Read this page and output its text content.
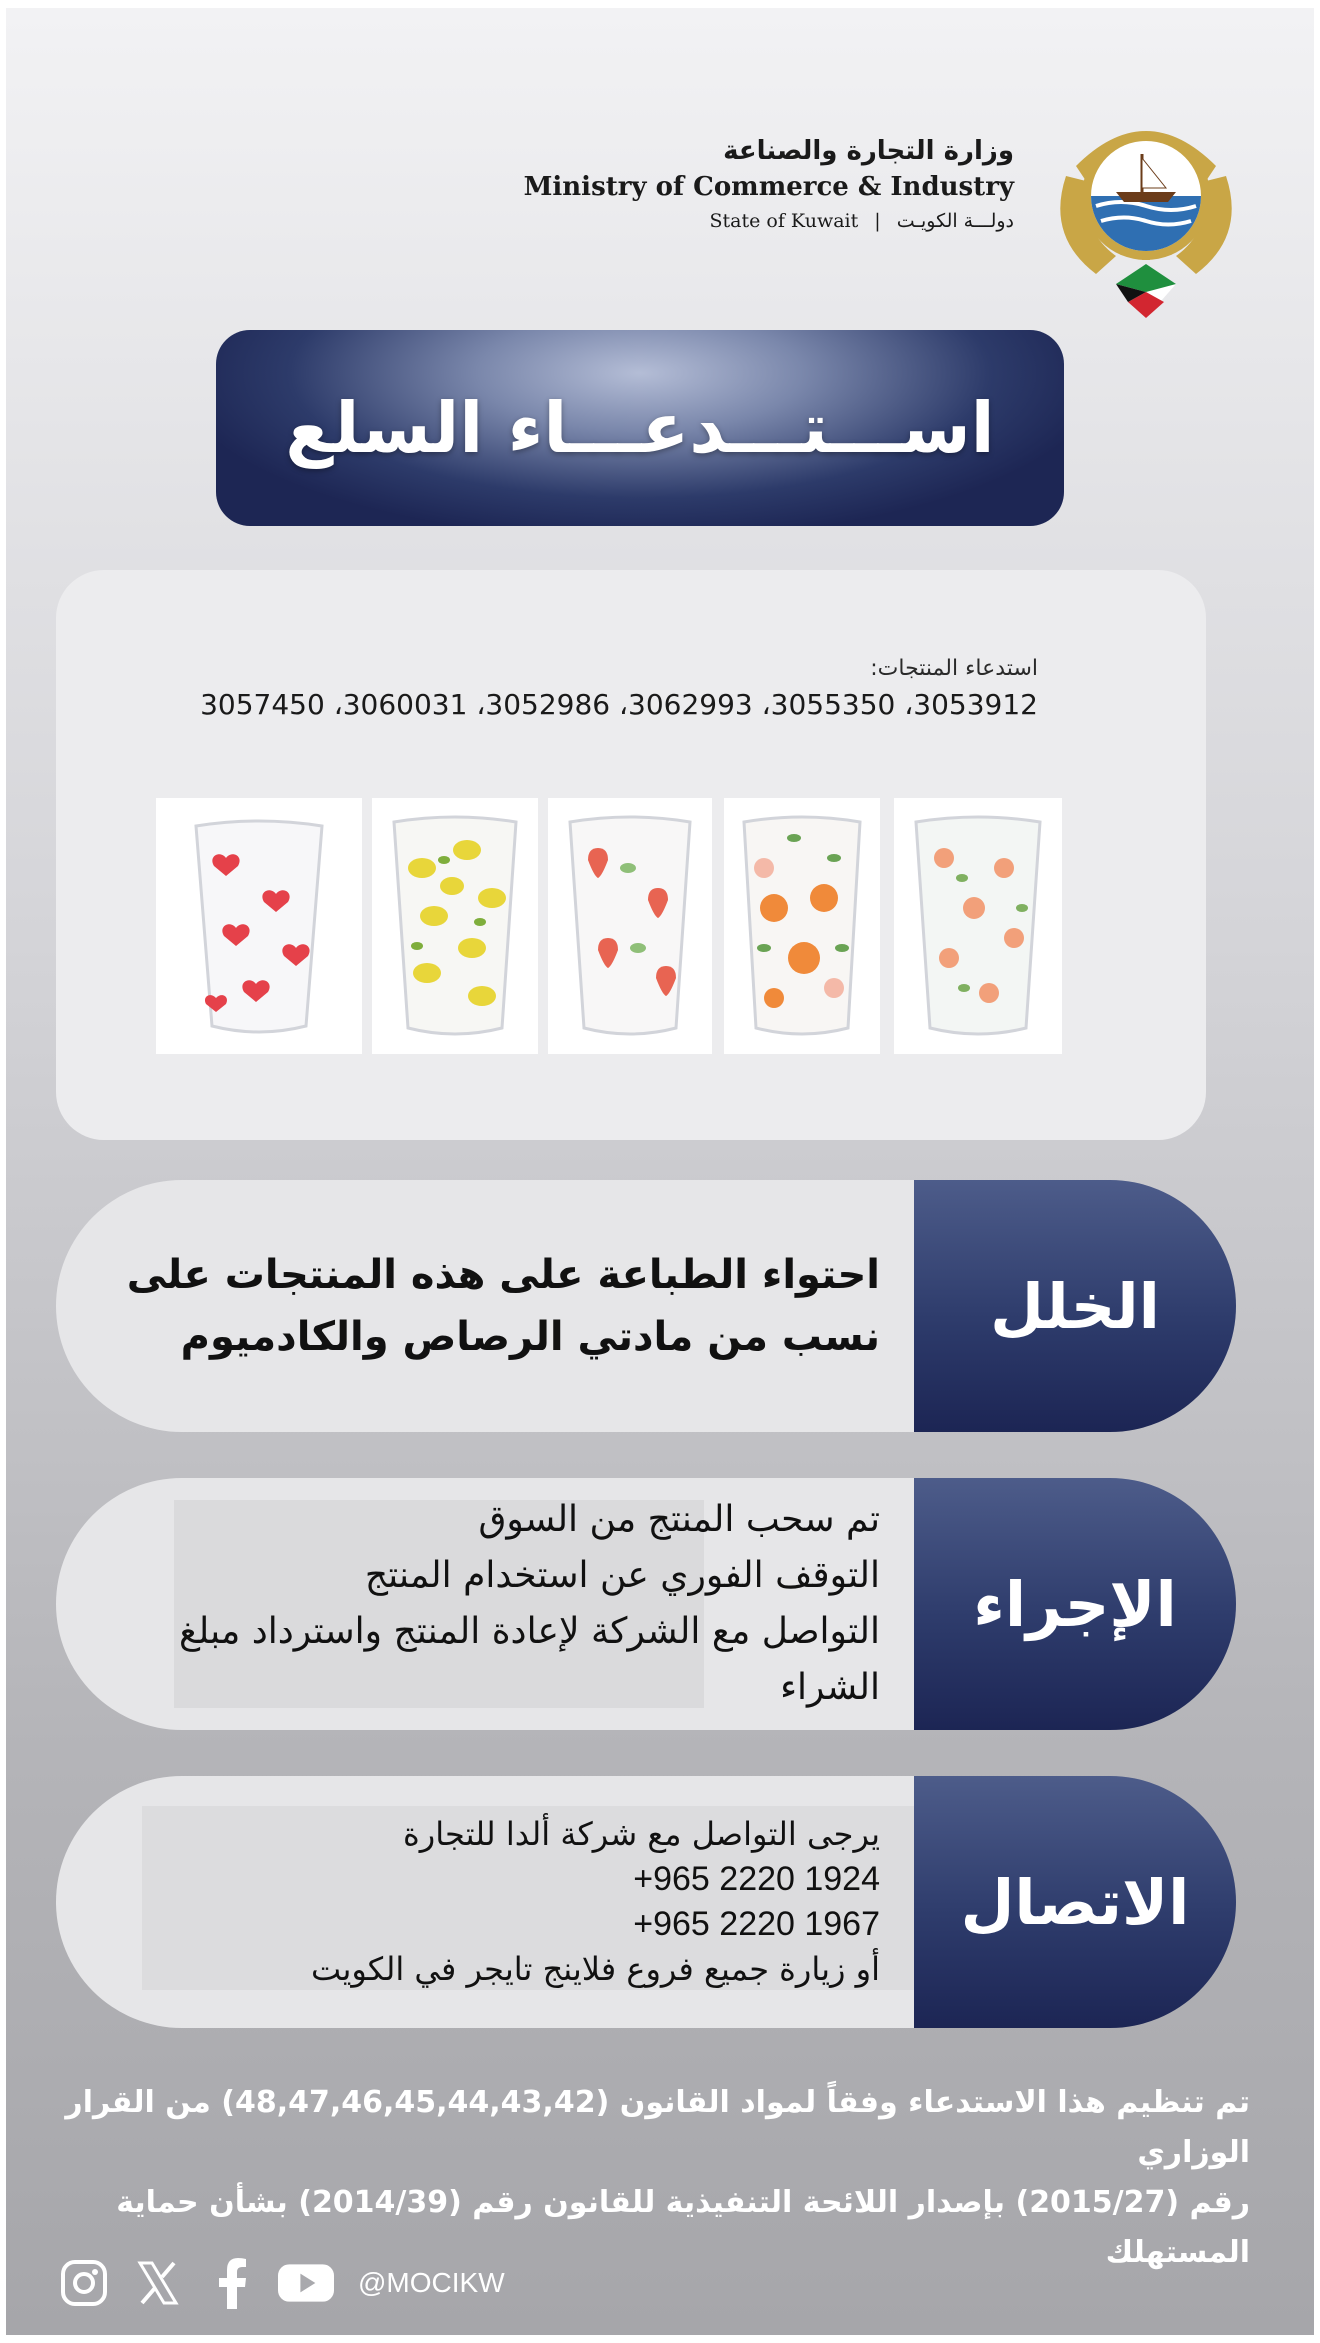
وزارة التجارة والصناعة
Ministry of Commerce & Industry
State of Kuwait | دولـــة الكويـت
اســـتـــدعـــاء السلع
استدعاء المنتجات:
3053912، 3055350، 3062993، 3052986، 3060031، 3057450
الخلل
احتواء الطباعة على هذه المنتجات على
نسب من مادتي الرصاص والكادميوم
الإجراء
تم سحب المنتج من السوق
التوقف الفوري عن استخدام المنتج
التواصل مع الشركة لإعادة المنتج واسترداد مبلغ
الشراء
الاتصال
يرجى التواصل مع شركة ألدا للتجارة
+965 2220 1924
+965 2220 1967
أو زيارة جميع فروع فلاينج تايجر في الكويت
تم تنظيم هذا الاستدعاء وفقاً لمواد القانون (48,47,46,45,44,43,42) من القرار الوزاري
رقم (2015/27) بإصدار اللائحة التنفيذية للقانون رقم (2014/39) بشأن حماية المستهلك
@MOCIKW
